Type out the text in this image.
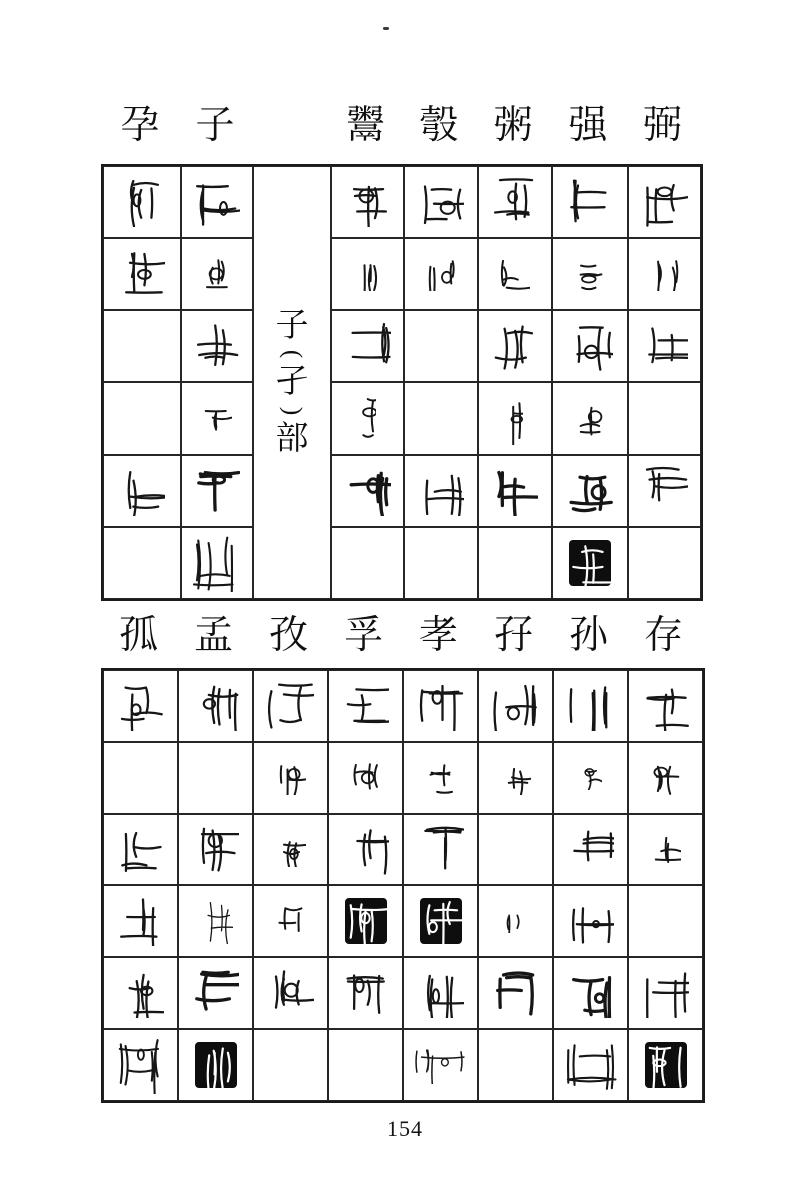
孕 子	鬻 彀 粥 强 弼
子
(
孑
)
部
孤 孟 孜 孚 孝 孖 孙 存
154
